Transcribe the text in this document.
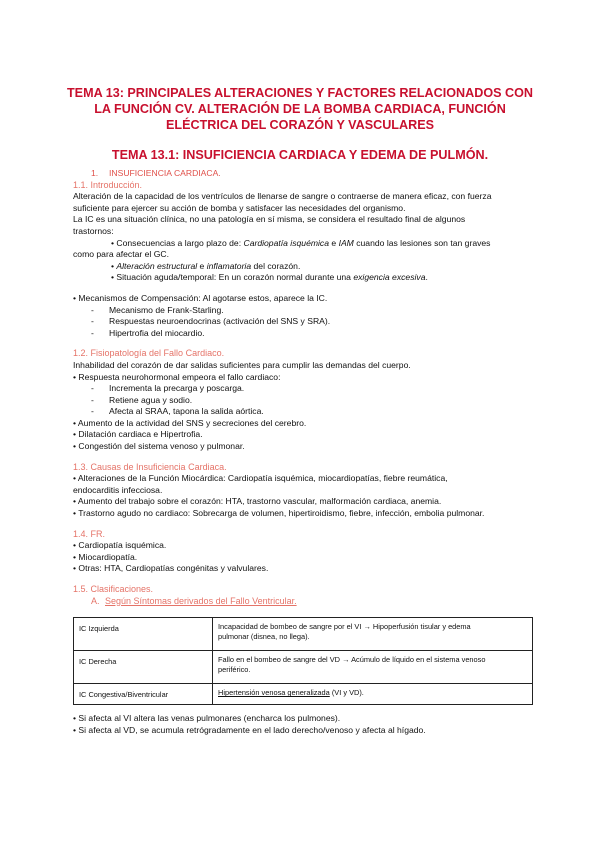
TEMA 13: PRINCIPALES ALTERACIONES Y FACTORES RELACIONADOS CON
LA FUNCIÓN CV. ALTERACIÓN DE LA BOMBA CARDIACA, FUNCIÓN
ELÉCTRICA DEL CORAZÓN Y VASCULARES
TEMA 13.1: INSUFICIENCIA CARDIACA Y EDEMA DE PULMÓN.
1. INSUFICIENCIA CARDIACA.
1.1. Introducción.
Alteración de la capacidad de los ventrículos de llenarse de sangre o contraerse de manera eficaz, con fuerza
suficiente para ejercer su acción de bomba y satisfacer las necesidades del organismo.
La IC es una situación clínica, no una patología en sí misma, se considera el resultado final de algunos
trastornos:
• Consecuencias a largo plazo de: Cardiopatía isquémica e IAM cuando las lesiones son tan graves
como para afectar el GC.
• Alteración estructural e inflamatoria del corazón.
• Situación aguda/temporal: En un corazón normal durante una exigencia excesiva.
• Mecanismos de Compensación: Al agotarse estos, aparece la IC.
- Mecanismo de Frank-Starling.
- Respuestas neuroendocrinas (activación del SNS y SRA).
- Hipertrofia del miocardio.
1.2. Fisiopatología del Fallo Cardiaco.
Inhabilidad del corazón de dar salidas suficientes para cumplir las demandas del cuerpo.
• Respuesta neurohormonal empeora el fallo cardiaco:
- Incrementa la precarga y poscarga.
- Retiene agua y sodio.
- Afecta al SRAA, tapona la salida aórtica.
• Aumento de la actividad del SNS y secreciones del cerebro.
• Dilatación cardiaca e Hipertrofia.
• Congestión del sistema venoso y pulmonar.
1.3. Causas de Insuficiencia Cardiaca.
• Alteraciones de la Función Miocárdica: Cardiopatía isquémica, miocardiopatías, fiebre reumática,
endocarditis infecciosa.
• Aumento del trabajo sobre el corazón: HTA, trastorno vascular, malformación cardiaca, anemia.
• Trastorno agudo no cardiaco: Sobrecarga de volumen, hipertiroidismo, fiebre, infección, embolia pulmonar.
1.4. FR.
• Cardiopatía isquémica.
• Miocardiopatía.
• Otras: HTA, Cardiopatías congénitas y valvulares.
1.5. Clasificaciones.
A. Según Síntomas derivados del Fallo Ventricular.
IC Izquierda	Incapacidad de bombeo de sangre por el VI → Hipoperfusión tisular y edema
pulmonar (disnea, no llega).

IC Derecha	Fallo en el bombeo de sangre del VD → Acúmulo de líquido en el sistema venoso
periférico.

IC Congestiva/Biventricular	Hipertensión venosa generalizada (VI y VD).
• Si afecta al VI altera las venas pulmonares (encharca los pulmones).
• Si afecta al VD, se acumula retrógradamente en el lado derecho/venoso y afecta al hígado.
